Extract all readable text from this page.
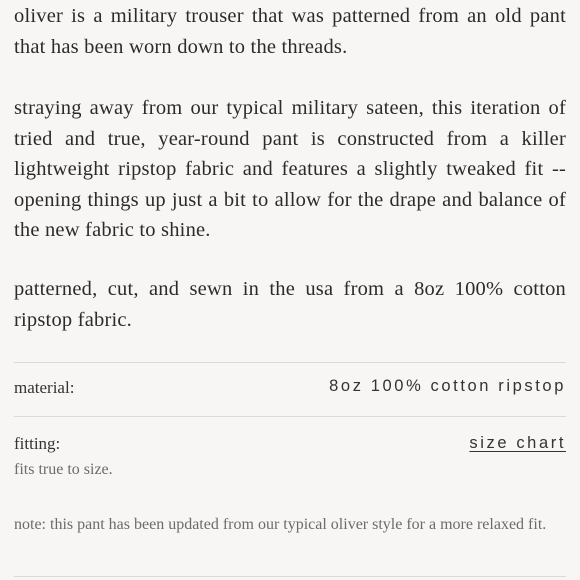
oliver is a military trouser that was patterned from an old pant that has been worn down to the threads.

straying away from our typical military sateen, this iteration of tried and true, year-round pant is constructed from a killer lightweight ripstop fabric and features a slightly tweaked fit -- opening things up just a bit to allow for the drape and balance of the new fabric to shine.

patterned, cut, and sewn in the usa from a 8oz 100% cotton ripstop fabric.

material:	8oz 100% cotton ripstop
fitting:	size chart
fits true to size.
note: this pant has been updated from our typical oliver style for a more relaxed fit.
